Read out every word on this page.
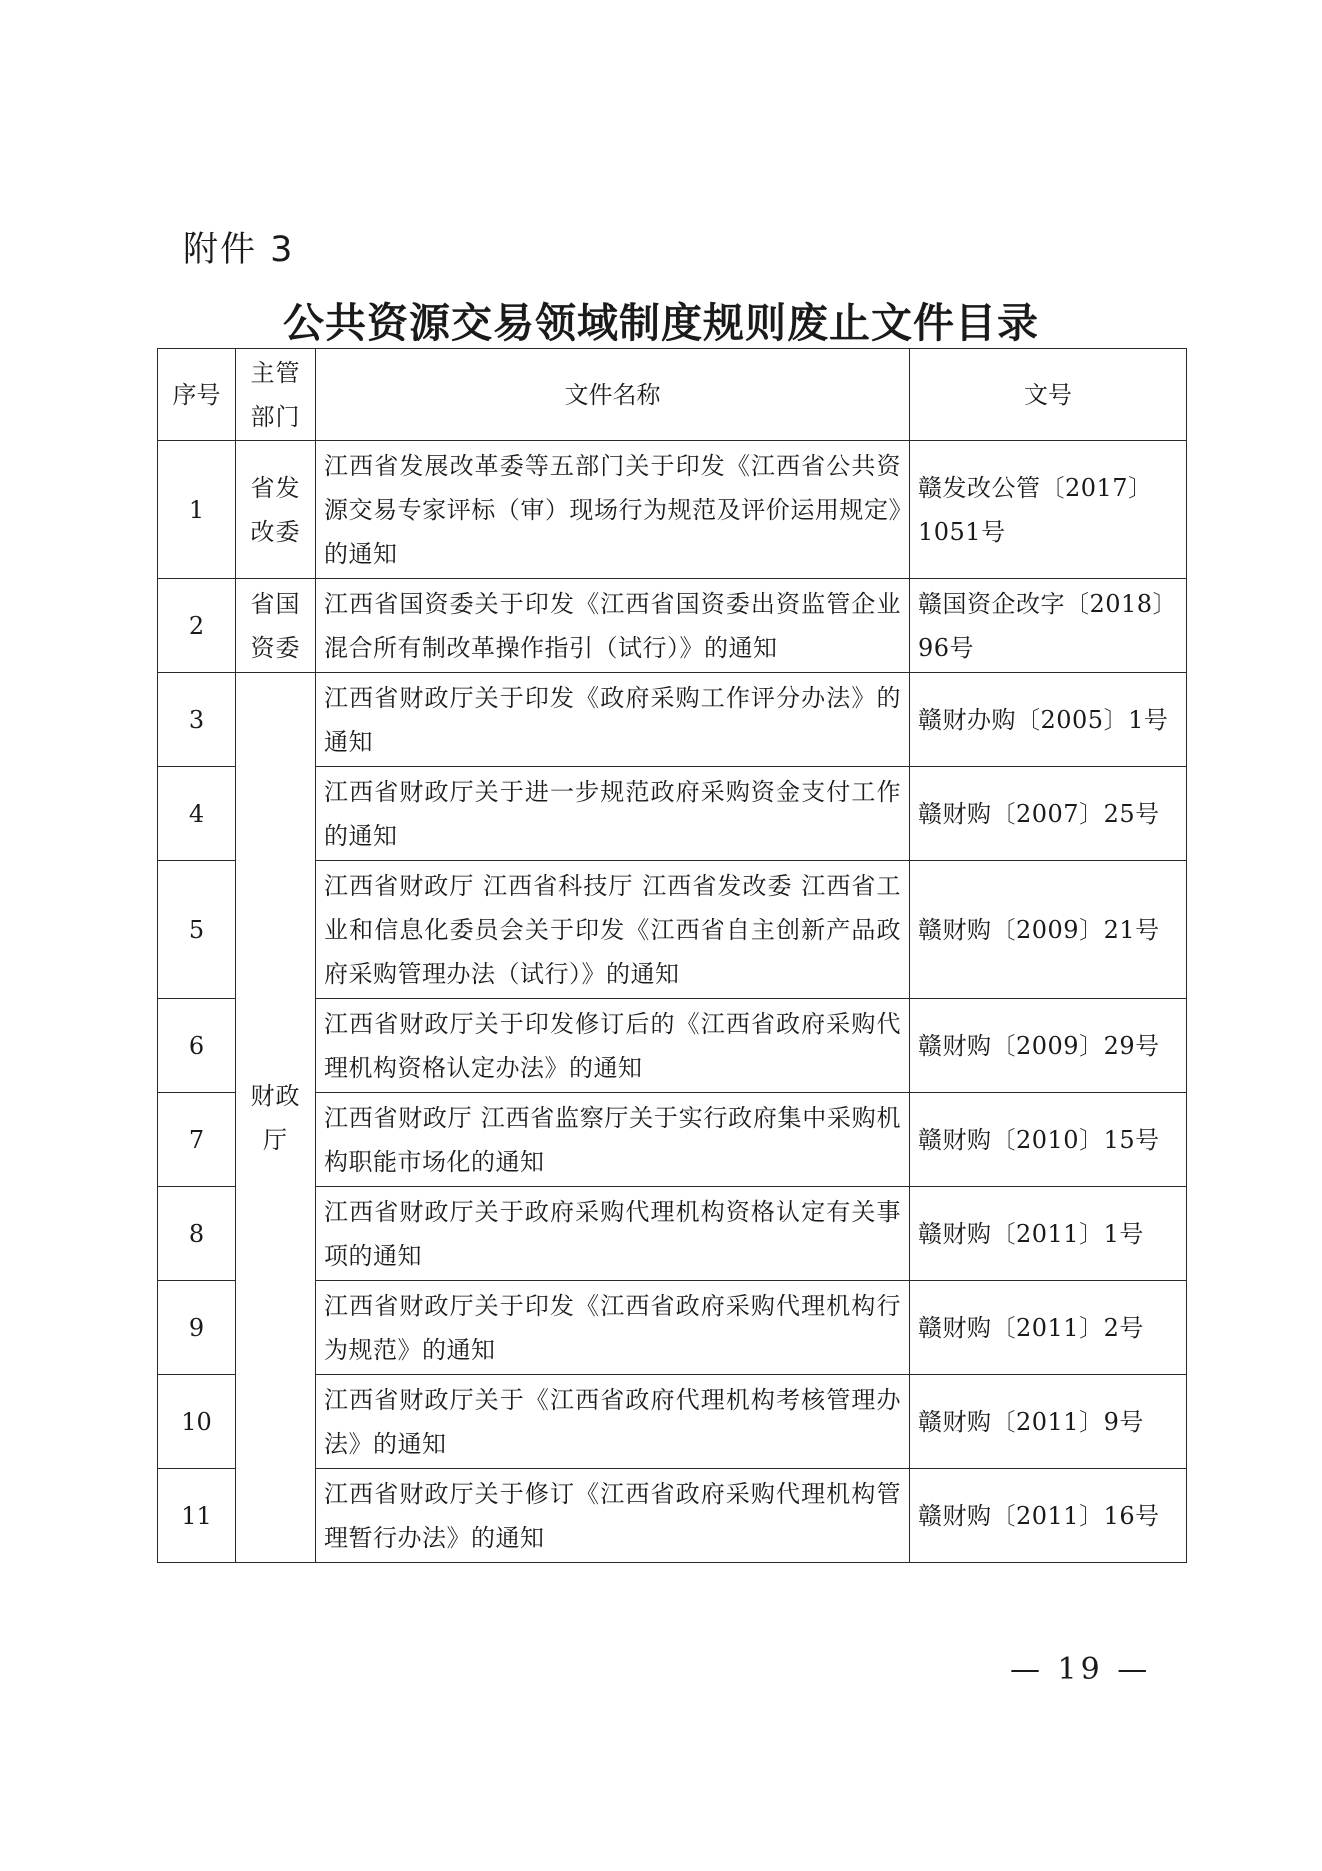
附件 3
公共资源交易领域制度规则废止文件目录
序号	主管部门	文件名称	文号
1	省发改委	江西省发展改革委等五部门关于印发《江西省公共资源交易专家评标（审）现场行为规范及评价运用规定》的通知	赣发改公管〔2017〕1051号
2	省国资委	江西省国资委关于印发《江西省国资委出资监管企业混合所有制改革操作指引（试行）》的通知	赣国资企改字〔2018〕96号
3	财政厅	江西省财政厅关于印发《政府采购工作评分办法》的通知	赣财办购〔2005〕1号
4		江西省财政厅关于进一步规范政府采购资金支付工作的通知	赣财购〔2007〕25号
5		江西省财政厅 江西省科技厅 江西省发改委 江西省工业和信息化委员会关于印发《江西省自主创新产品政府采购管理办法（试行）》的通知	赣财购〔2009〕21号
6		江西省财政厅关于印发修订后的《江西省政府采购代理机构资格认定办法》的通知	赣财购〔2009〕29号
7		江西省财政厅 江西省监察厅关于实行政府集中采购机构职能市场化的通知	赣财购〔2010〕15号
8		江西省财政厅关于政府采购代理机构资格认定有关事项的通知	赣财购〔2011〕1号
9		江西省财政厅关于印发《江西省政府采购代理机构行为规范》的通知	赣财购〔2011〕2号
10		江西省财政厅关于《江西省政府代理机构考核管理办法》的通知	赣财购〔2011〕9号
11		江西省财政厅关于修订《江西省政府采购代理机构管理暂行办法》的通知	赣财购〔2011〕16号
— 19 —
